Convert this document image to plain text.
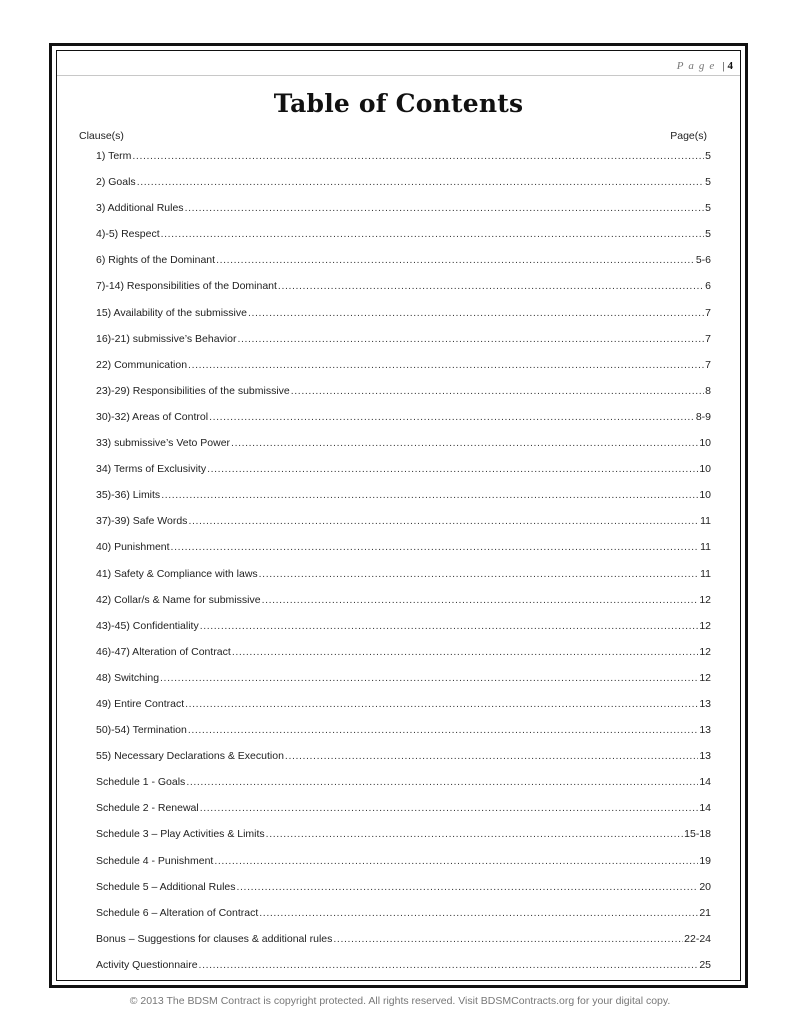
Page | 4
Table of Contents
Clause(s)	Page(s)
1) Term .....	5
2) Goals .....	5
3) Additional Rules .....	5
4)-5) Respect .....	5
6) Rights of the Dominant .....	5-6
7)-14) Responsibilities of the Dominant .....	6
15) Availability of the submissive .....	7
16)-21) submissive’s Behavior .....	7
22) Communication .....	7
23)-29) Responsibilities of the submissive .....	8
30)-32) Areas of Control .....	8-9
33) submissive’s Veto Power .....	10
34) Terms of Exclusivity .....	10
35)-36) Limits .....	10
37)-39) Safe Words .....	11
40) Punishment .....	11
41) Safety & Compliance with laws .....	11
42) Collar/s & Name for submissive .....	12
43)-45) Confidentiality .....	12
46)-47) Alteration of Contract .....	12
48) Switching .....	12
49) Entire Contract .....	13
50)-54) Termination .....	13
55) Necessary Declarations & Execution .....	13
Schedule 1 - Goals .....	14
Schedule 2 - Renewal .....	14
Schedule 3 – Play Activities & Limits .....	15-18
Schedule 4 - Punishment .....	19
Schedule 5 – Additional Rules .....	20
Schedule 6 – Alteration of Contract .....	21
Bonus – Suggestions for clauses & additional rules .....	22-24
Activity Questionnaire .....	25
© 2013 The BDSM Contract is copyright protected. All rights reserved. Visit BDSMContracts.org for your digital copy.
